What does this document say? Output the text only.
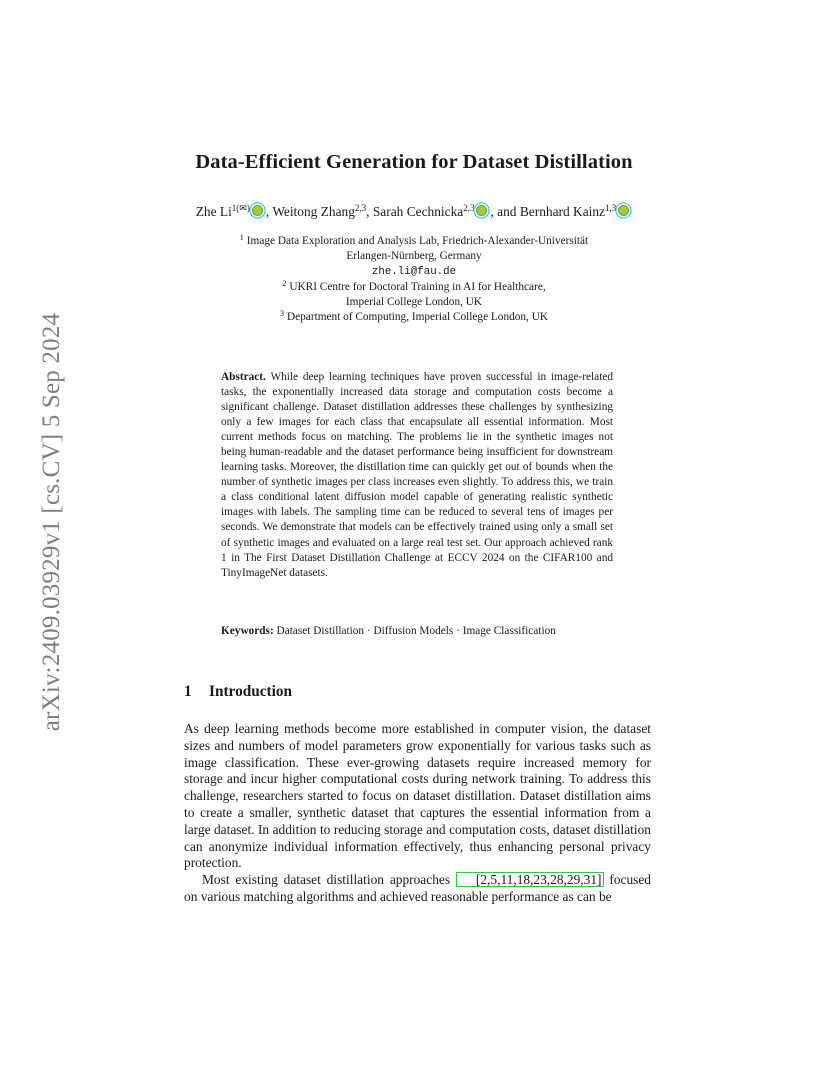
arXiv:2409.03929v1 [cs.CV] 5 Sep 2024
Data-Efficient Generation for Dataset Distillation
Zhe $Li^{1(✉)}$ , Weitong Zhang$^{2,3}$, Sarah Cechnicka$^{2,3}$ , and Bernhard Kainz$^{1,3}$
$^1$ Image Data Exploration and Analysis Lab, Friedrich-Alexander-Universität
Erlangen-Nürnberg, Germany
zhe.li@fau.de
$^2$ UKRI Centre for Doctoral Training in AI for Healthcare,
Imperial College London, UK
$^3$ Department of Computing, Imperial College London, UK
Abstract. While deep learning techniques have proven successful in image-related tasks, the exponentially increased data storage and computation costs become a significant challenge. Dataset distillation addresses these challenges by synthesizing only a few images for each class that encapsulate all essential information. Most current methods focus on matching. The problems lie in the synthetic images not being human-readable and the dataset performance being insufficient for downstream learning tasks. Moreover, the distillation time can quickly get out of bounds when the number of synthetic images per class increases even slightly. To address this, we train a class conditional latent diffusion model capable of generating realistic synthetic images with labels. The sampling time can be reduced to several tens of images per seconds. We demonstrate that models can be effectively trained using only a small set of synthetic images and evaluated on a large real test set. Our approach achieved rank 1 in The First Dataset Distillation Challenge at ECCV 2024 on the CIFAR100 and TinyImageNet datasets.
Keywords: Dataset Distillation · Diffusion Models · Image Classification
1 Introduction

As deep learning methods become more established in computer vision, the dataset sizes and numbers of model parameters grow exponentially for various tasks such as image classification. These ever-growing datasets require increased memory for storage and incur higher computational costs during network training. To address this challenge, researchers started to focus on dataset distillation. Dataset distillation aims to create a smaller, synthetic dataset that captures the essential information from a large dataset. In addition to reducing storage and computation costs, dataset distillation can anonymize individual information effectively, thus enhancing personal privacy protection.

Most existing dataset distillation approaches [2,5,11,18,23,28,29,31] focused on various matching algorithms and achieved reasonable performance as can be
